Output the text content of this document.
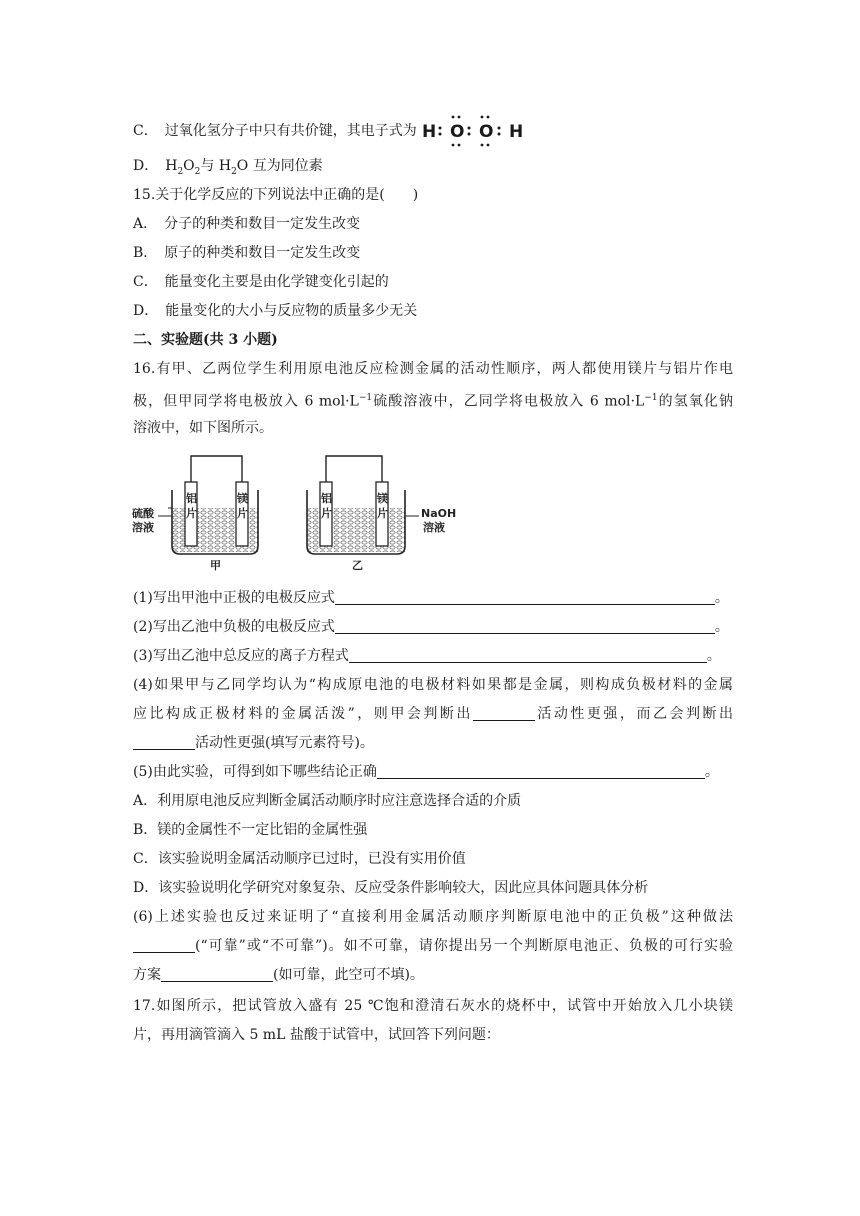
C．　过氧化氢分子中只有共价键，其电子式为 H O O H
D．　$H_2O_2$与 $H_2O$ 互为同位素
15.关于化学反应的下列说法中正确的是(　　)
A．　分子的种类和数目一定发生改变
B．　原子的种类和数目一定发生改变
C．　能量变化主要是由化学键变化引起的
D．　能量变化的大小与反应物的质量多少无关
二、实验题(共 3 小题)
16.有甲、乙两位学生利用原电池反应检测金属的活动性顺序，两人都使用镁片与铝片作电
极，但甲同学将电极放入 6 $mol\cdot L^{-1}$硫酸溶液中，乙同学将电极放入 6 $mol\cdot L^{-1}$的氢氧化钠
溶液中，如下图所示。
铝
片
镁
片
硫酸
溶液
甲
铝
片
镁
片	NaOH
溶液
乙
(1)写出甲池中正极的电极反应式	。
(2)写出乙池中负极的电极反应式	。
(3)写出乙池中总反应的离子方程式	。
(4)如果甲与乙同学均认为“构成原电池的电极材料如果都是金属，则构成负极材料的金属
应比构成正极材料的金属活泼”，则甲会判断出	活动性更强，而乙会判断出
活动性更强(填写元素符号)。
(5)由此实验，可得到如下哪些结论正确	。
A．利用原电池反应判断金属活动顺序时应注意选择合适的介质
B．镁的金属性不一定比铝的金属性强
C．该实验说明金属活动顺序已过时，已没有实用价值
D．该实验说明化学研究对象复杂、反应受条件影响较大，因此应具体问题具体分析
(6)上述实验也反过来证明了“直接利用金属活动顺序判断原电池中的正负极”这种做法
(“可靠”或“不可靠”)。如不可靠，请你提出另一个判断原电池正、负极的可行实验
方案	(如可靠，此空可不填)。
17.如图所示，把试管放入盛有 25 ℃饱和澄清石灰水的烧杯中，试管中开始放入几小块镁
片，再用滴管滴入 5 mL 盐酸于试管中，试回答下列问题：
